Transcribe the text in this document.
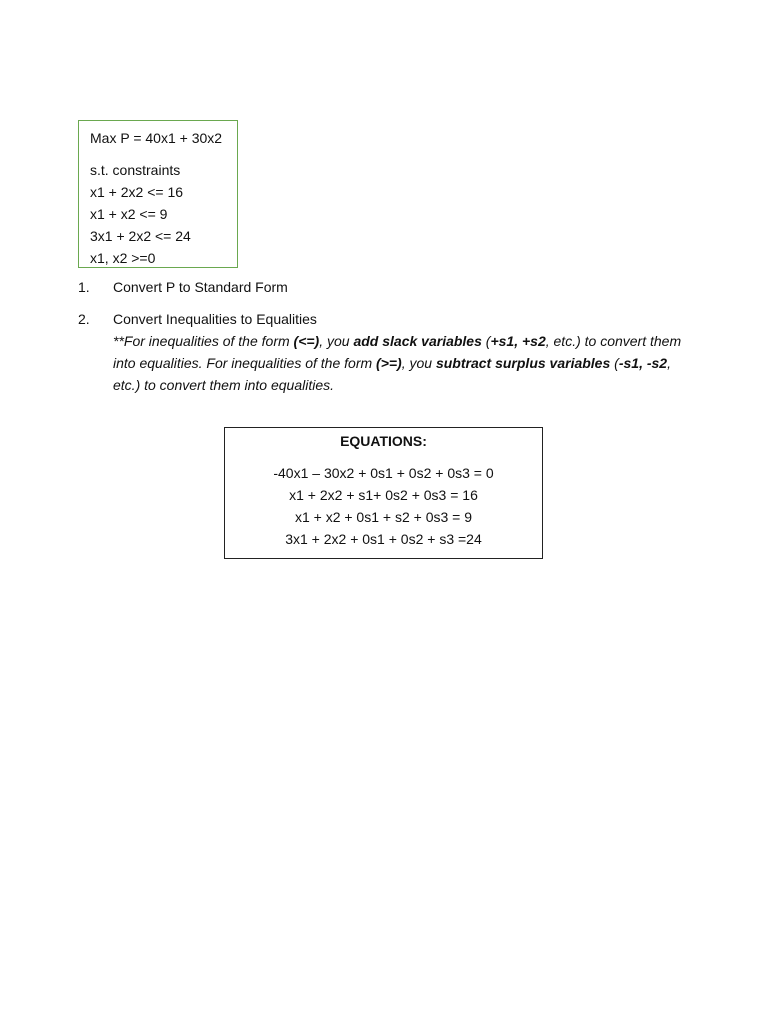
Max P = 40x1 + 30x2
s.t. constraints
x1 + 2x2 <= 16
x1 + x2 <= 9
3x1 + 2x2 <= 24
x1, x2 >=0
1. Convert P to Standard Form
2. Convert Inequalities to Equalities
**For inequalities of the form (<=), you add slack variables (+s1, +s2, etc.) to convert them into equalities. For inequalities of the form (>=), you subtract surplus variables (-s1, -s2, etc.) to convert them into equalities.
EQUATIONS:
-40x1 – 30x2 + 0s1 + 0s2 + 0s3 = 0
x1 + 2x2 + s1+ 0s2 + 0s3 = 16
x1 + x2 + 0s1 + s2 + 0s3 = 9
3x1 + 2x2 + 0s1 + 0s2 + s3 =24
